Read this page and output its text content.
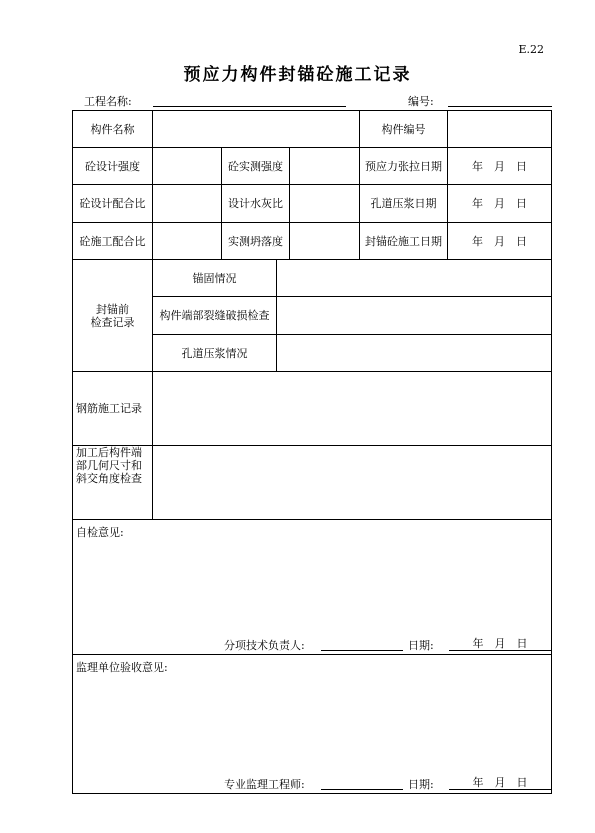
E.22
预应力构件封锚砼施工记录
工程名称:	编号:
构件名称	构件编号
砼设计强度	砼实测强度	预应力张拉日期	年　月　日
砼设计配合比	设计水灰比	孔道压浆日期	年　月　日
砼施工配合比	实测坍落度	封锚砼施工日期	年　月　日
封锚前
检查记录
锚固情况
构件端部裂缝破损检查
孔道压浆情况
钢筋施工记录
加工后构件端
部几何尺寸和
斜交角度检查
自检意见:
分项技术负责人:	日期:	年　月　日
监理单位验收意见:
专业监理工程师:	日期:	年　月　日
